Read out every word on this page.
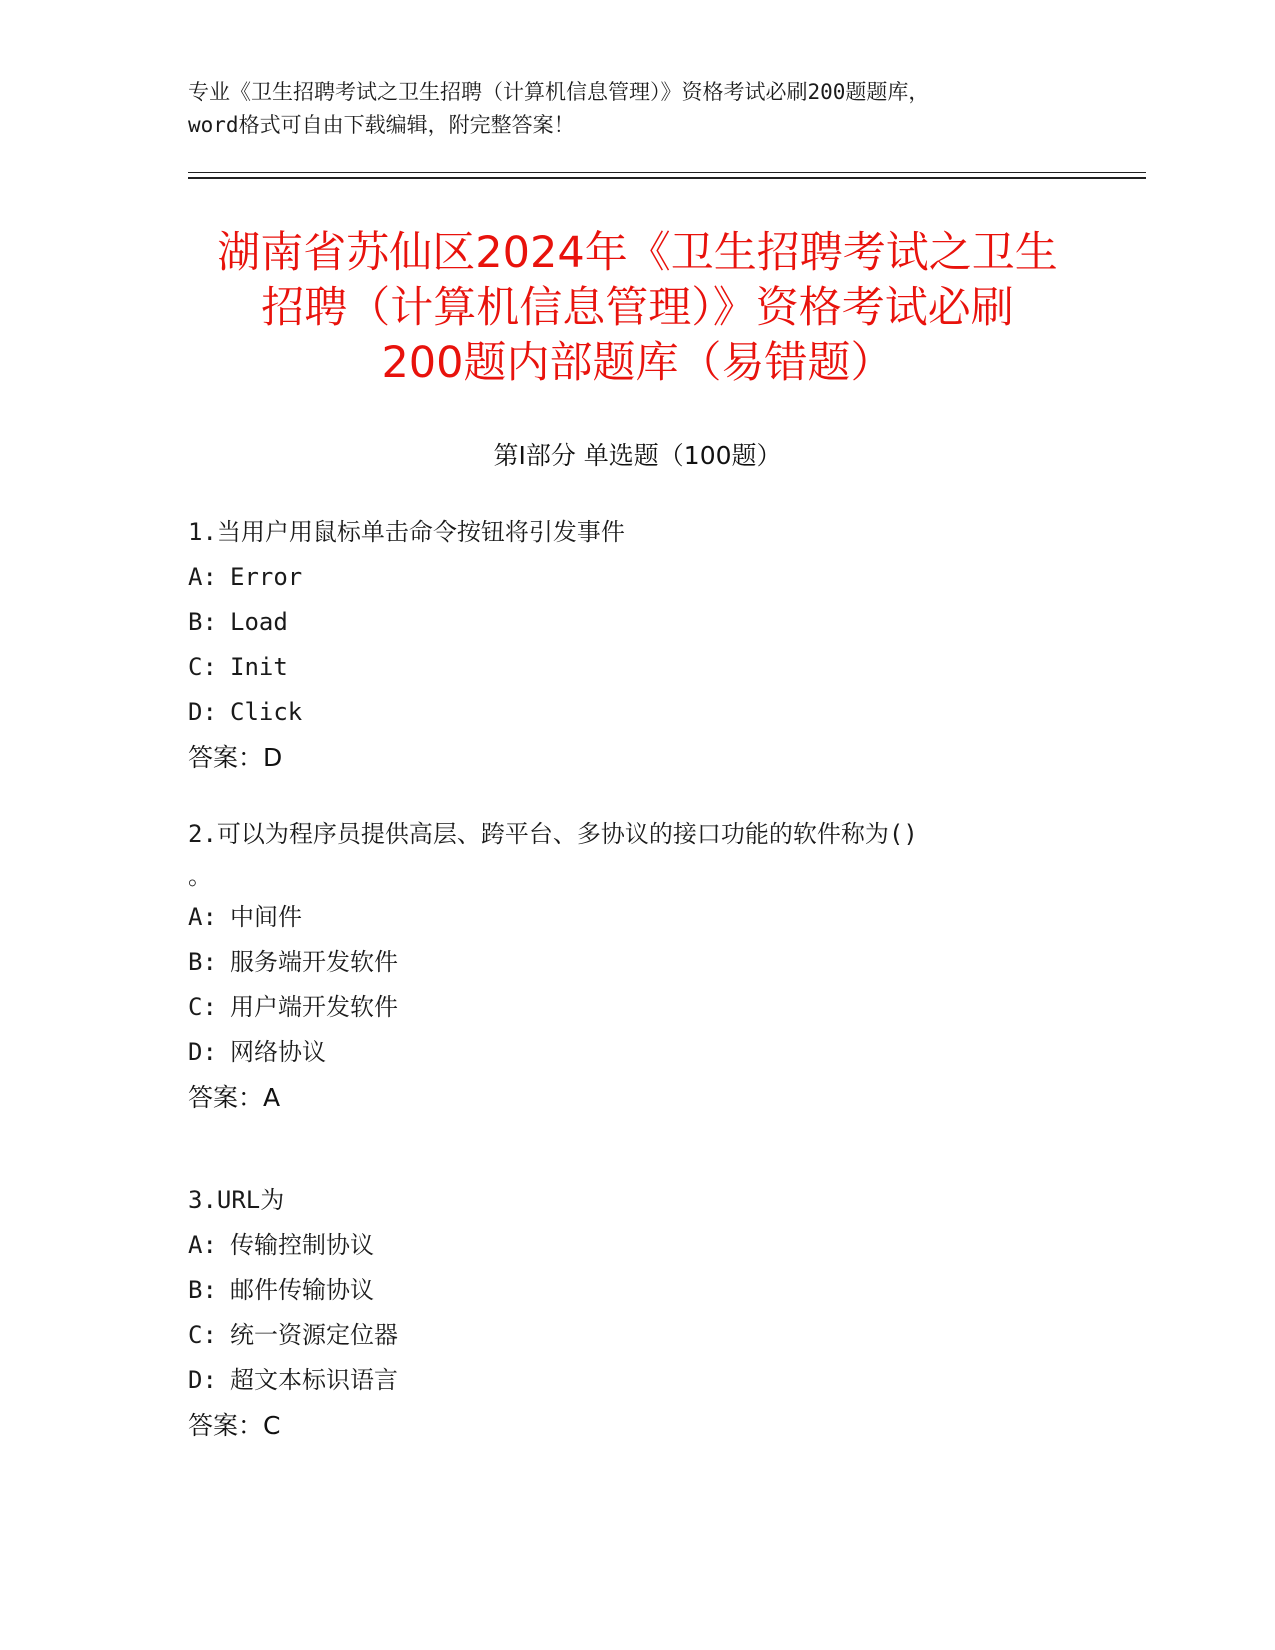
专业《卫生招聘考试之卫生招聘（计算机信息管理）》资格考试必刷200题题库，
word格式可自由下载编辑，附完整答案！
湖南省苏仙区2024年《卫生招聘考试之卫生
招聘（计算机信息管理）》资格考试必刷
200题内部题库（易错题）
第Ⅰ部分 单选题（100题）
1.当用户用鼠标单击命令按钮将引发事件
A: Error
B: Load
C: Init
D: Click
答案：D
2.可以为程序员提供高层、跨平台、多协议的接口功能的软件称为()
。
A: 中间件
B: 服务端开发软件
C: 用户端开发软件
D: 网络协议
答案：A
3.URL为
A: 传输控制协议
B: 邮件传输协议
C: 统一资源定位器
D: 超文本标识语言
答案：C
